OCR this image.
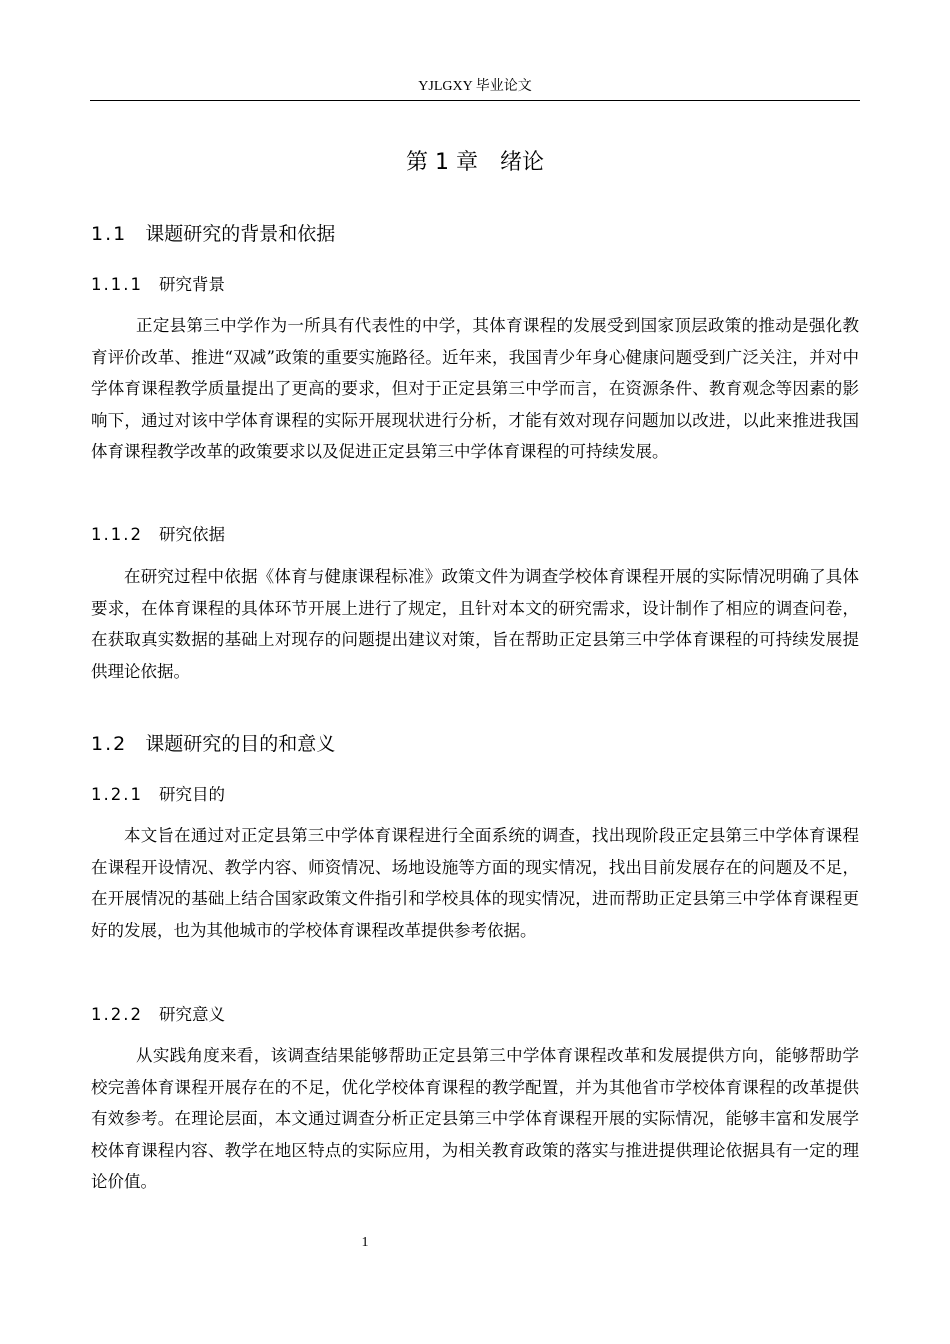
YJLGXY 毕业论文
第 1 章　绪论
1.1 课题研究的背景和依据
1.1.1 研究背景
正定县第三中学作为一所具有代表性的中学，其体育课程的发展受到国家顶层政策的推动是强化教育评价改革、推进“双减”政策的重要实施路径。近年来，我国青少年身心健康问题受到广泛关注，并对中学体育课程教学质量提出了更高的要求，但对于正定县第三中学而言，在资源条件、教育观念等因素的影响下，通过对该中学体育课程的实际开展现状进行分析，才能有效对现存问题加以改进，以此来推进我国体育课程教学改革的政策要求以及促进正定县第三中学体育课程的可持续发展。
1.1.2 研究依据
在研究过程中依据《体育与健康课程标准》政策文件为调查学校体育课程开展的实际情况明确了具体要求，在体育课程的具体环节开展上进行了规定，且针对本文的研究需求，设计制作了相应的调查问卷，在获取真实数据的基础上对现存的问题提出建议对策，旨在帮助正定县第三中学体育课程的可持续发展提供理论依据。
1.2 课题研究的目的和意义
1.2.1 研究目的
本文旨在通过对正定县第三中学体育课程进行全面系统的调查，找出现阶段正定县第三中学体育课程在课程开设情况、教学内容、师资情况、场地设施等方面的现实情况，找出目前发展存在的问题及不足，在开展情况的基础上结合国家政策文件指引和学校具体的现实情况，进而帮助正定县第三中学体育课程更好的发展，也为其他城市的学校体育课程改革提供参考依据。
1.2.2 研究意义
从实践角度来看，该调查结果能够帮助正定县第三中学体育课程改革和发展提供方向，能够帮助学校完善体育课程开展存在的不足，优化学校体育课程的教学配置，并为其他省市学校体育课程的改革提供有效参考。在理论层面，本文通过调查分析正定县第三中学体育课程开展的实际情况，能够丰富和发展学校体育课程内容、教学在地区特点的实际应用，为相关教育政策的落实与推进提供理论依据具有一定的理论价值。
1
